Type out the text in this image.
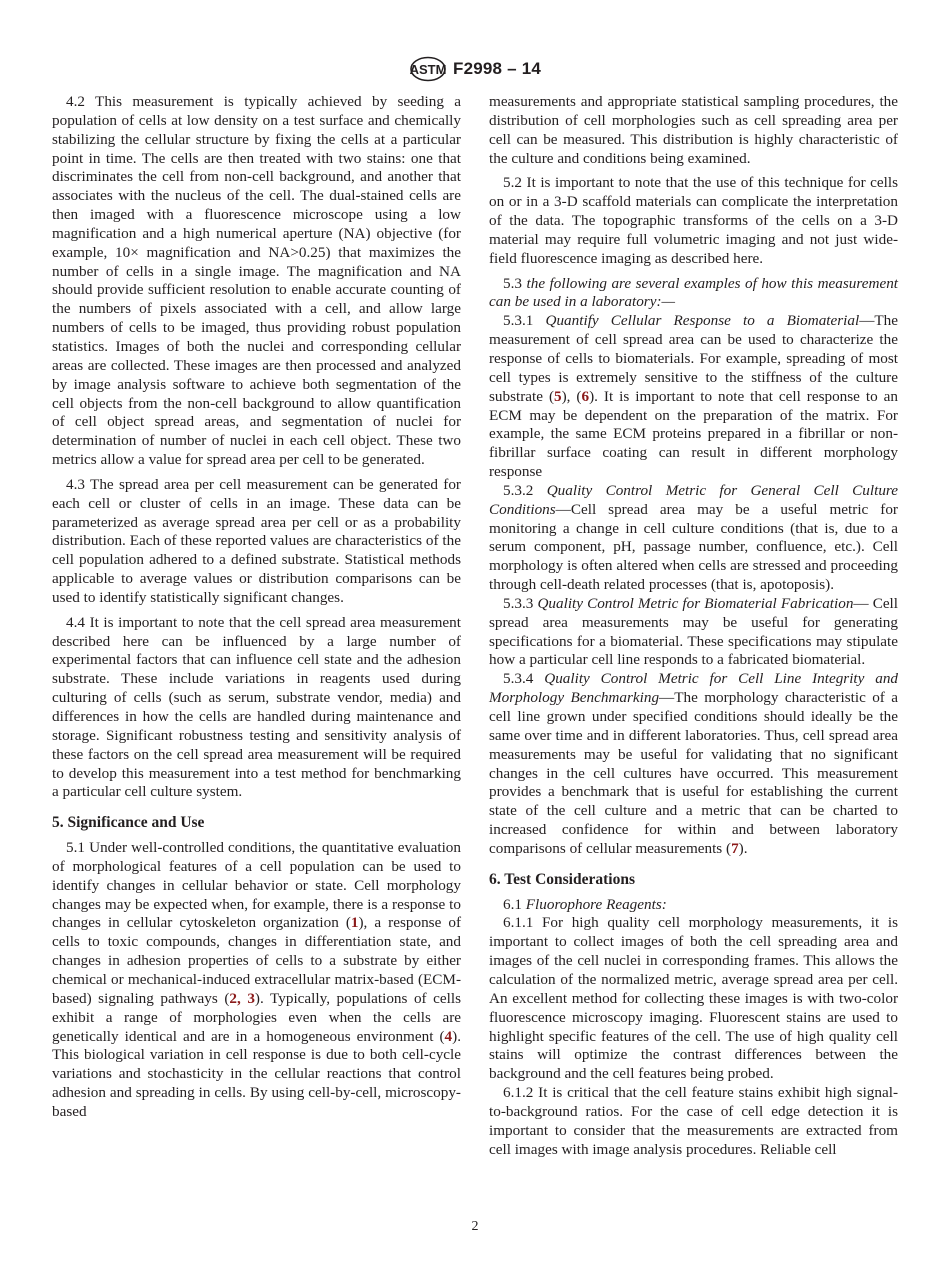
ASTM F2998 – 14

4.2 This measurement is typically achieved by seeding a population of cells at low density on a test surface and chemically stabilizing the cellular structure by fixing the cells at a particular point in time. The cells are then treated with two stains: one that discriminates the cell from non-cell background, and another that associates with the nucleus of the cell. The dual-stained cells are then imaged with a fluorescence microscope using a low magnification and a high numerical aperture (NA) objective (for example, 10× magnification and NA>0.25) that maximizes the number of cells in a single image. The magnification and NA should provide sufficient resolution to enable accurate counting of the numbers of pixels associated with a cell, and allow large numbers of cells to be imaged, thus providing robust population statistics. Images of both the nuclei and corresponding cellular areas are collected. These images are then processed and analyzed by image analysis software to achieve both segmentation of the cell objects from the non-cell background to allow quantification of cell object spread areas, and segmentation of nuclei for determination of number of nuclei in each cell object. These two metrics allow a value for spread area per cell to be generated.

4.3 The spread area per cell measurement can be generated for each cell or cluster of cells in an image. These data can be parameterized as average spread area per cell or as a probability distribution. Each of these reported values are characteristics of the cell population adhered to a defined substrate. Statistical methods applicable to average values or distribution comparisons can be used to identify statistically significant changes.

4.4 It is important to note that the cell spread area measurement described here can be influenced by a large number of experimental factors that can influence cell state and the adhesion substrate. These include variations in reagents used during culturing of cells (such as serum, substrate vendor, media) and differences in how the cells are handled during maintenance and storage. Significant robustness testing and sensitivity analysis of these factors on the cell spread area measurement will be required to develop this measurement into a test method for benchmarking a particular cell culture system.

5. Significance and Use

5.1 Under well-controlled conditions, the quantitative evaluation of morphological features of a cell population can be used to identify changes in cellular behavior or state. Cell morphology changes may be expected when, for example, there is a response to changes in cellular cytoskeleton organization (1), a response of cells to toxic compounds, changes in differentiation state, and changes in adhesion properties of cells to a substrate by either chemical or mechanical-induced extracellular matrix-based (ECM-based) signaling pathways (2, 3). Typically, populations of cells exhibit a range of morphologies even when the cells are genetically identical and are in a homogeneous environment (4). This biological variation in cell response is due to both cell-cycle variations and stochasticity in the cellular reactions that control adhesion and spreading in cells. By using cell-by-cell, microscopy-based

measurements and appropriate statistical sampling procedures, the distribution of cell morphologies such as cell spreading area per cell can be measured. This distribution is highly characteristic of the culture and conditions being examined.

5.2 It is important to note that the use of this technique for cells on or in a 3-D scaffold materials can complicate the interpretation of the data. The topographic transforms of the cells on a 3-D material may require full volumetric imaging and not just wide-field fluorescence imaging as described here.

5.3 the following are several examples of how this measurement can be used in a laboratory:—

5.3.1 Quantify Cellular Response to a Biomaterial—The measurement of cell spread area can be used to characterize the response of cells to biomaterials. For example, spreading of most cell types is extremely sensitive to the stiffness of the culture substrate (5), (6). It is important to note that cell response to an ECM may be dependent on the preparation of the matrix. For example, the same ECM proteins prepared in a fibrillar or non-fibrillar surface coating can result in different morphology response

5.3.2 Quality Control Metric for General Cell Culture Conditions—Cell spread area may be a useful metric for monitoring a change in cell culture conditions (that is, due to a serum component, pH, passage number, confluence, etc.). Cell morphology is often altered when cells are stressed and proceeding through cell-death related processes (that is, apotoposis).

5.3.3 Quality Control Metric for Biomaterial Fabrication— Cell spread area measurements may be useful for generating specifications for a biomaterial. These specifications may stipulate how a particular cell line responds to a fabricated biomaterial.

5.3.4 Quality Control Metric for Cell Line Integrity and Morphology Benchmarking—The morphology characteristic of a cell line grown under specified conditions should ideally be the same over time and in different laboratories. Thus, cell spread area measurements may be useful for validating that no significant changes in the cell cultures have occurred. This measurement provides a benchmark that is useful for establishing the current state of the cell culture and a metric that can be charted to increased confidence for within and between laboratory comparisons of cellular measurements (7).

6. Test Considerations

6.1 Fluorophore Reagents:

6.1.1 For high quality cell morphology measurements, it is important to collect images of both the cell spreading area and images of the cell nuclei in corresponding frames. This allows the calculation of the normalized metric, average spread area per cell. An excellent method for collecting these images is with two-color fluorescence microscopy imaging. Fluorescent stains are used to highlight specific features of the cell. The use of high quality cell stains will optimize the contrast differences between the background and the cell features being probed.

6.1.2 It is critical that the cell feature stains exhibit high signal-to-background ratios. For the case of cell edge detection it is important to consider that the measurements are extracted from cell images with image analysis procedures. Reliable cell

2
